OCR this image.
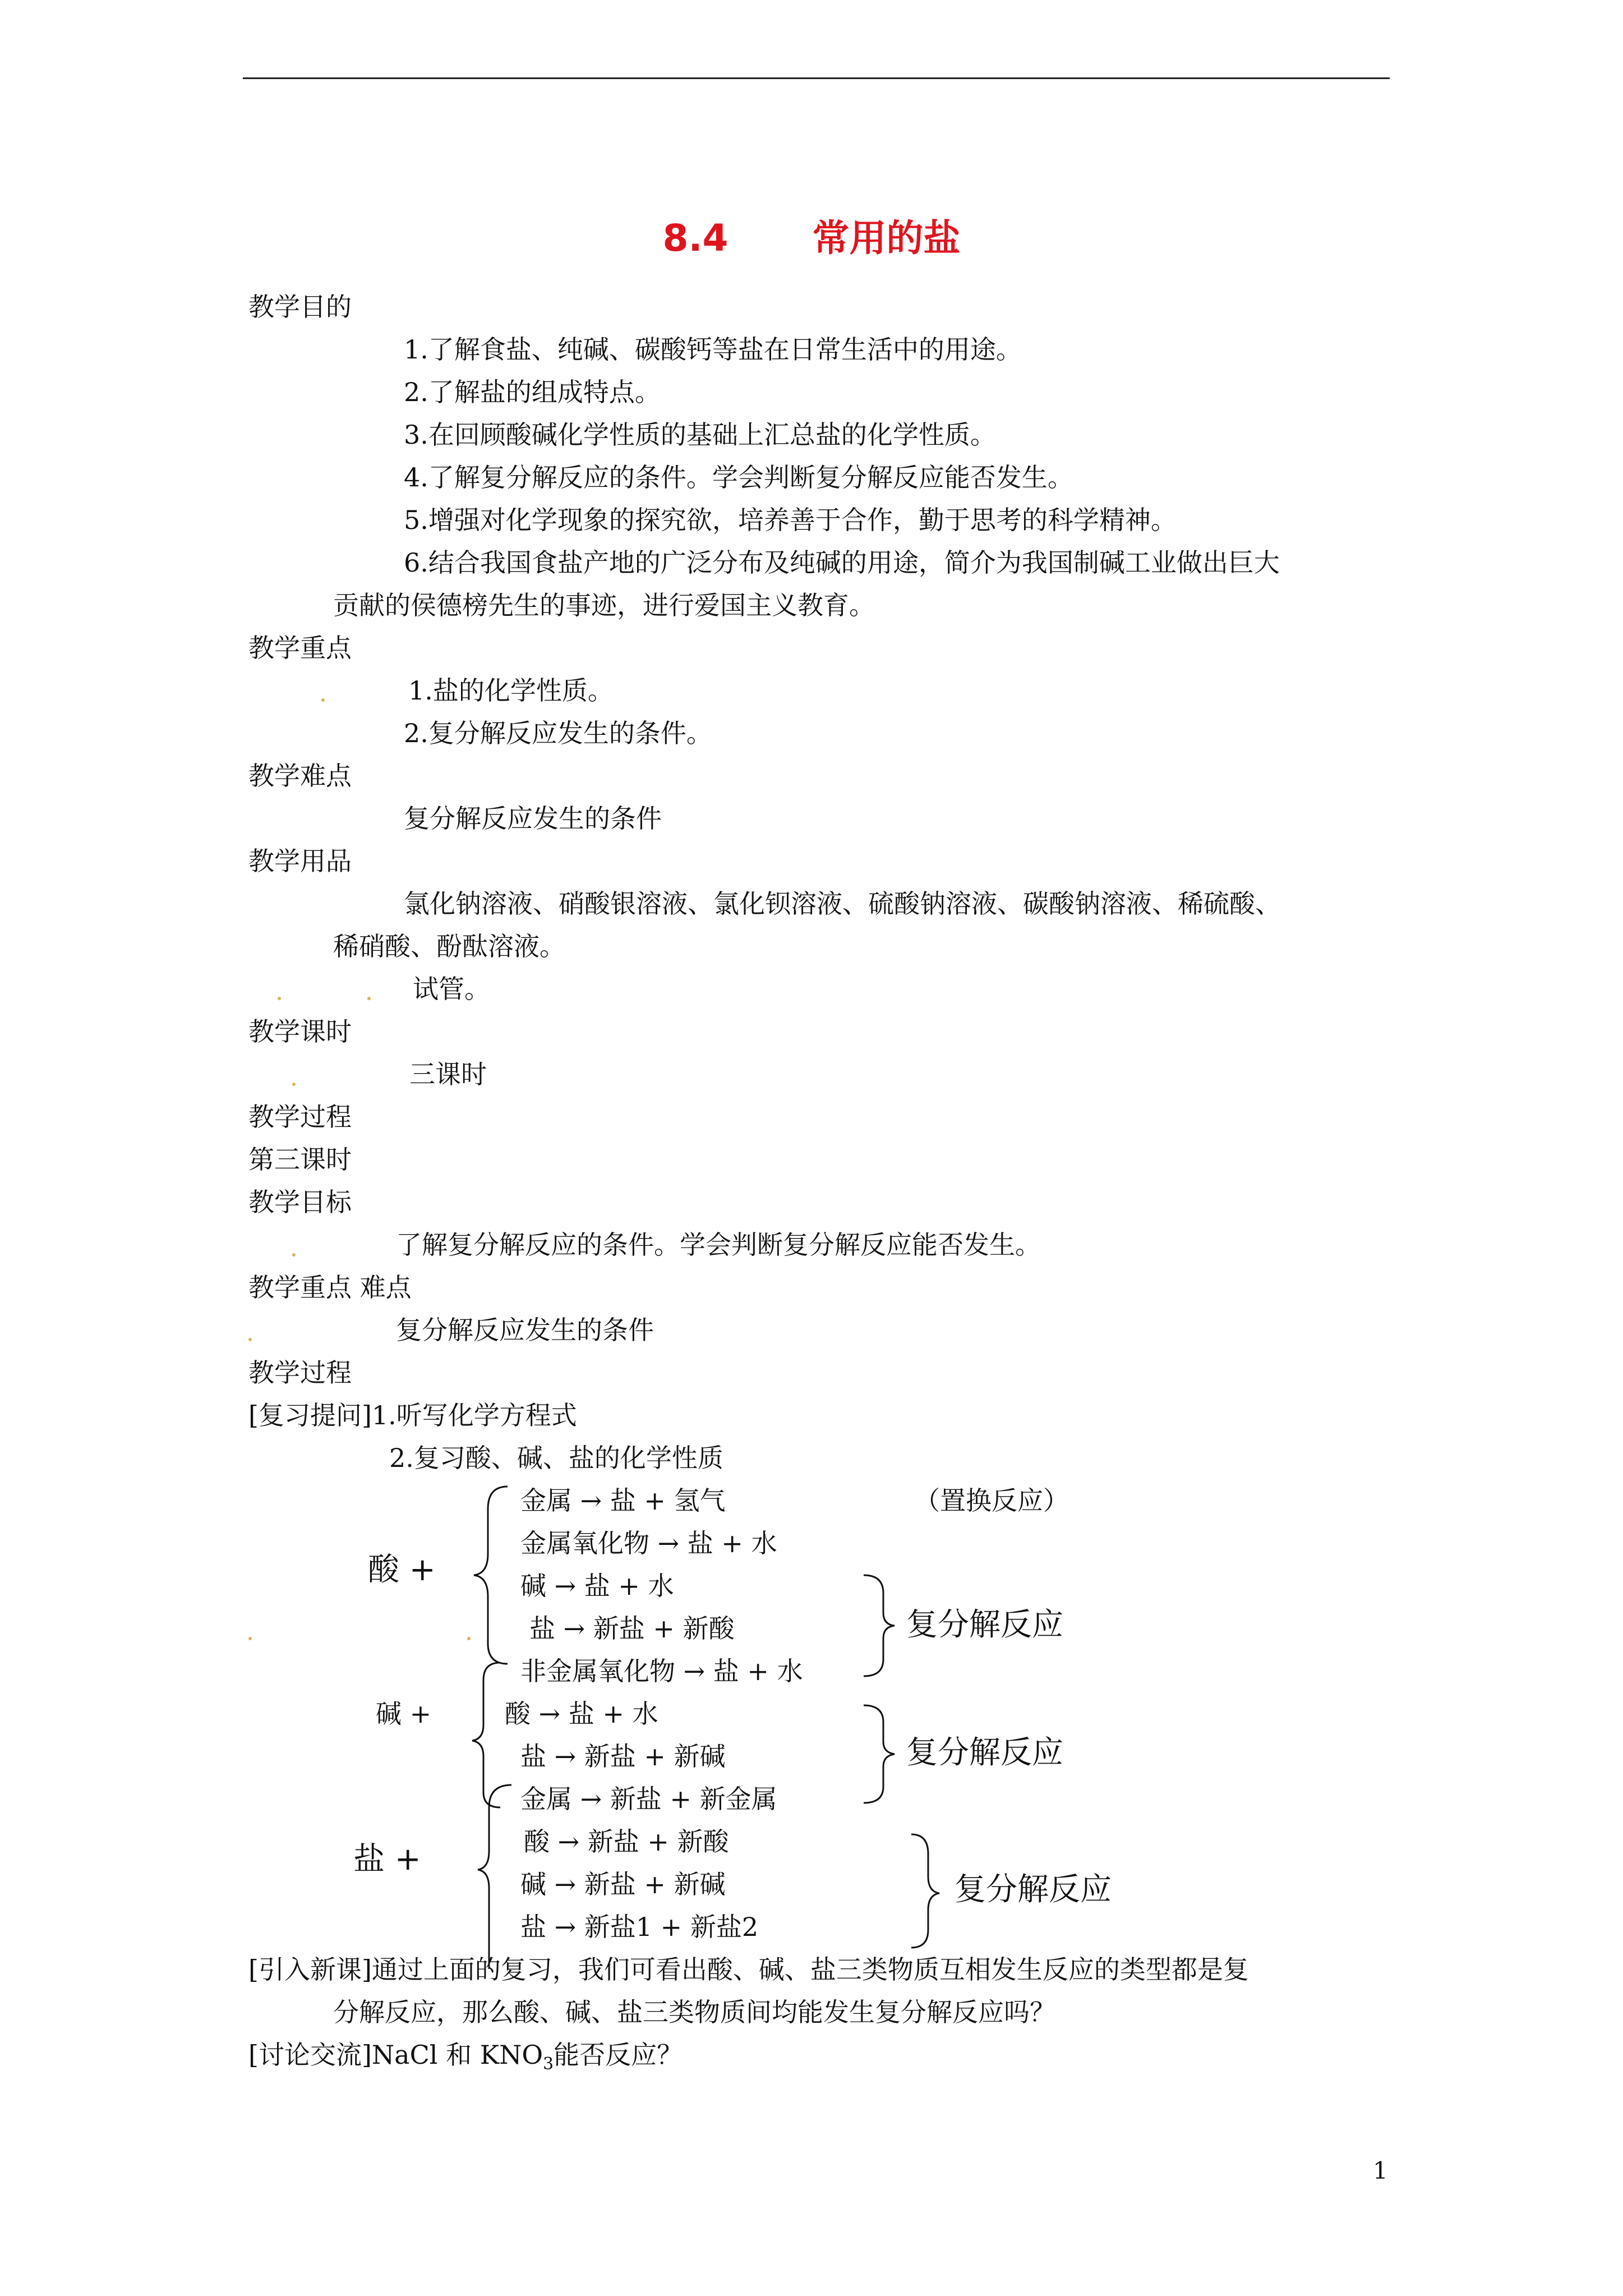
8.4 常用的盐
教学目的
1.了解食盐、纯碱、碳酸钙等盐在日常生活中的用途。
2.了解盐的组成特点。
3.在回顾酸碱化学性质的基础上汇总盐的化学性质。
4.了解复分解反应的条件。学会判断复分解反应能否发生。
5.增强对化学现象的探究欲，培养善于合作，勤于思考的科学精神。
6.结合我国食盐产地的广泛分布及纯碱的用途，简介为我国制碱工业做出巨大
贡献的侯德榜先生的事迹，进行爱国主义教育。
教学重点
1.盐的化学性质。
2.复分解反应发生的条件。
教学难点
复分解反应发生的条件
教学用品
氯化钠溶液、硝酸银溶液、氯化钡溶液、硫酸钠溶液、碳酸钠溶液、稀硫酸、
稀硝酸、酚酞溶液。
试管。
教学课时
三课时
教学过程
第三课时
教学目标
了解复分解反应的条件。学会判断复分解反应能否发生。
教学重点 难点
复分解反应发生的条件
教学过程
[复习提问]1.听写化学方程式
2.复习酸、碱、盐的化学性质
酸 +
金属 → 盐 + 氢气	（置换反应）
金属氧化物 → 盐 + 水
碱 → 盐 + 水
盐 → 新盐 + 新酸	复分解反应
碱 +
非金属氧化物 → 盐 + 水
酸 → 盐 + 水
盐 → 新盐 + 新碱	复分解反应
盐 +
金属 → 新盐 + 新金属
酸 → 新盐 + 新酸
碱 → 新盐 + 新碱
盐 → 新盐1 + 新盐2
复分解反应
[引入新课]通过上面的复习，我们可看出酸、碱、盐三类物质互相发生反应的类型都是复
分解反应，那么酸、碱、盐三类物质间均能发生复分解反应吗？
[讨论交流]NaCl 和 $KNO_3$能否反应？
1
